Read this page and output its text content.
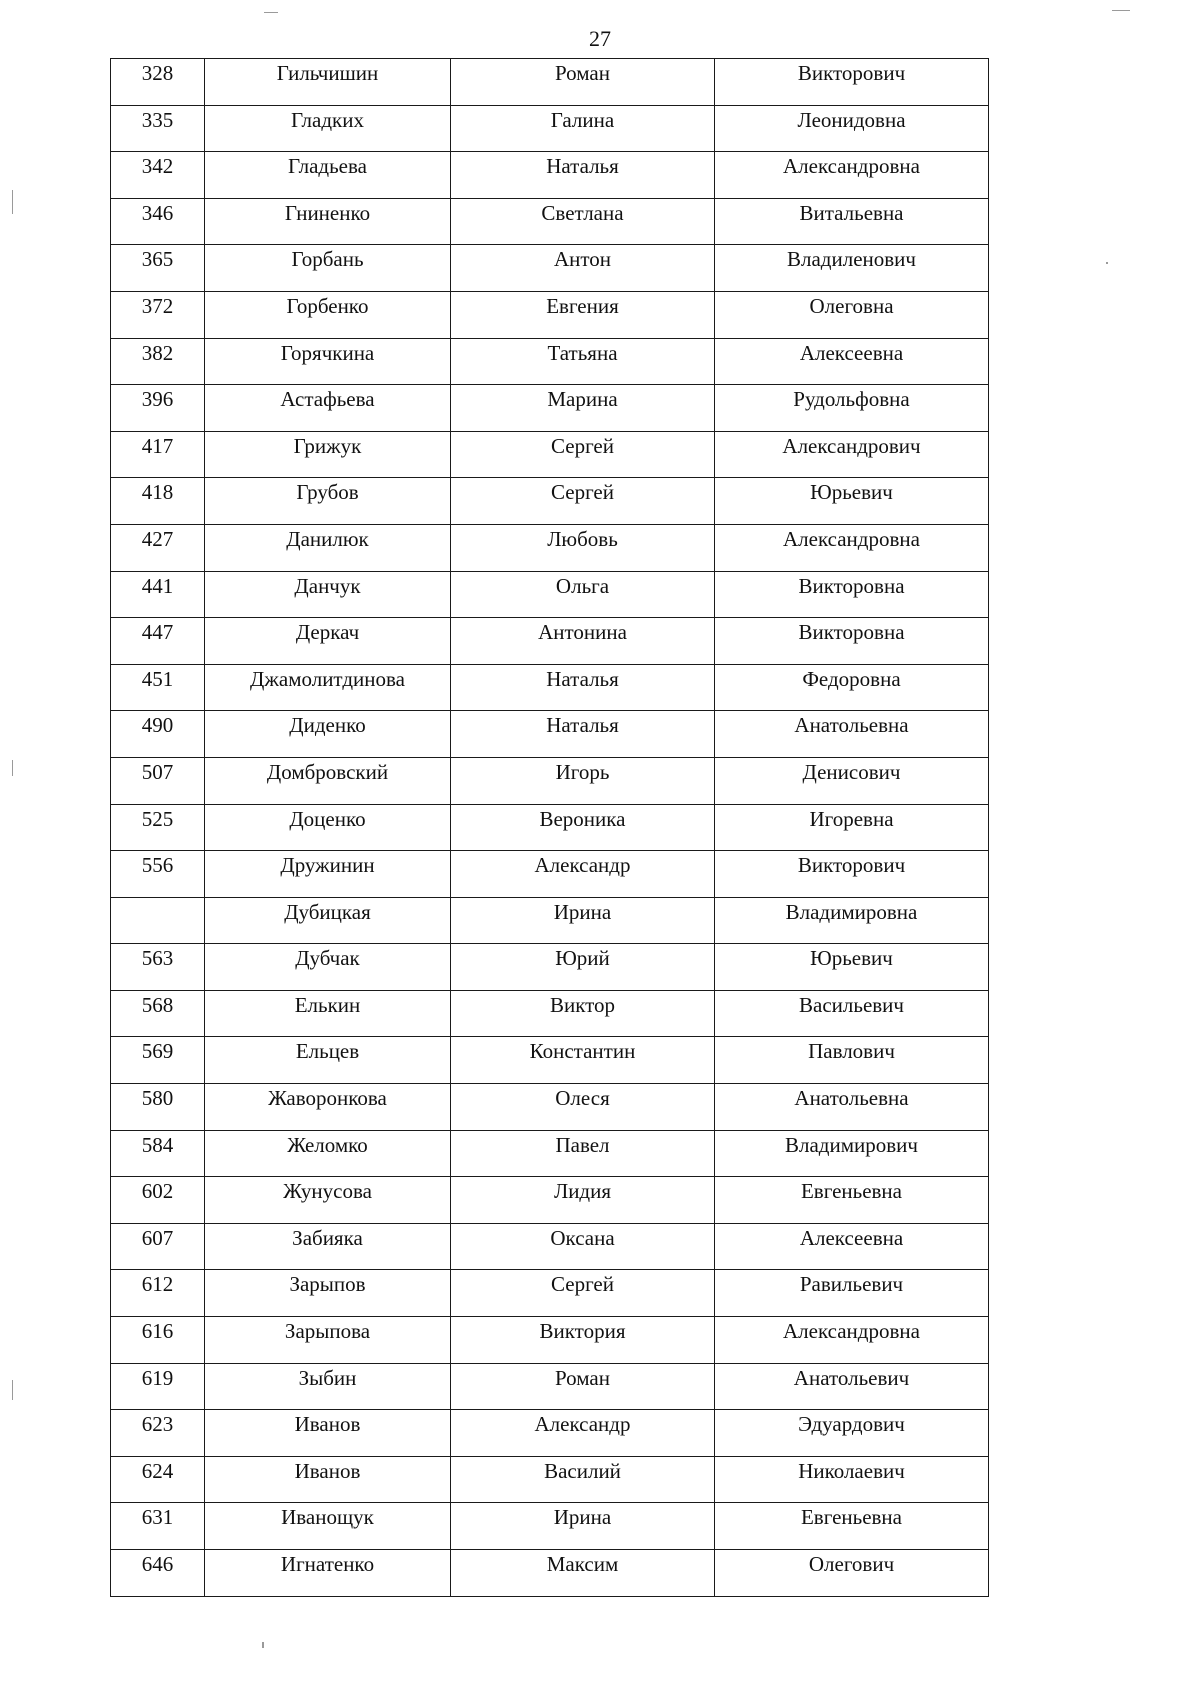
27
328	Гильчишин	Роман	Викторович

335	Гладких	Галина	Леонидовна

342	Гладьева	Наталья	Александровна

346	Гниненко	Светлана	Витальевна

365	Горбань	Антон	Владиленович

372	Горбенко	Евгения	Олеговна

382	Горячкина	Татьяна	Алексеевна

396	Астафьева	Марина	Рудольфовна

417	Грижук	Сергей	Александрович

418	Грубов	Сергей	Юрьевич

427	Данилюк	Любовь	Александровна

441	Данчук	Ольга	Викторовна

447	Деркач	Антонина	Викторовна

451	Джамолитдинова	Наталья	Федоровна

490	Диденко	Наталья	Анатольевна

507	Домбровский	Игорь	Денисович

525	Доценко	Вероника	Игоревна

556	Дружинин	Александр	Викторович

	Дубицкая	Ирина	Владимировна

563	Дубчак	Юрий	Юрьевич

568	Елькин	Виктор	Васильевич

569	Ельцев	Константин	Павлович

580	Жаворонкова	Олеся	Анатольевна

584	Желомко	Павел	Владимирович

602	Жунусова	Лидия	Евгеньевна

607	Забияка	Оксана	Алексеевна

612	Зарыпов	Сергей	Равильевич

616	Зарыпова	Виктория	Александровна

619	Зыбин	Роман	Анатольевич

623	Иванов	Александр	Эдуардович

624	Иванов	Василий	Николаевич

631	Иванощук	Ирина	Евгеньевна

646	Игнатенко	Максим	Олегович
